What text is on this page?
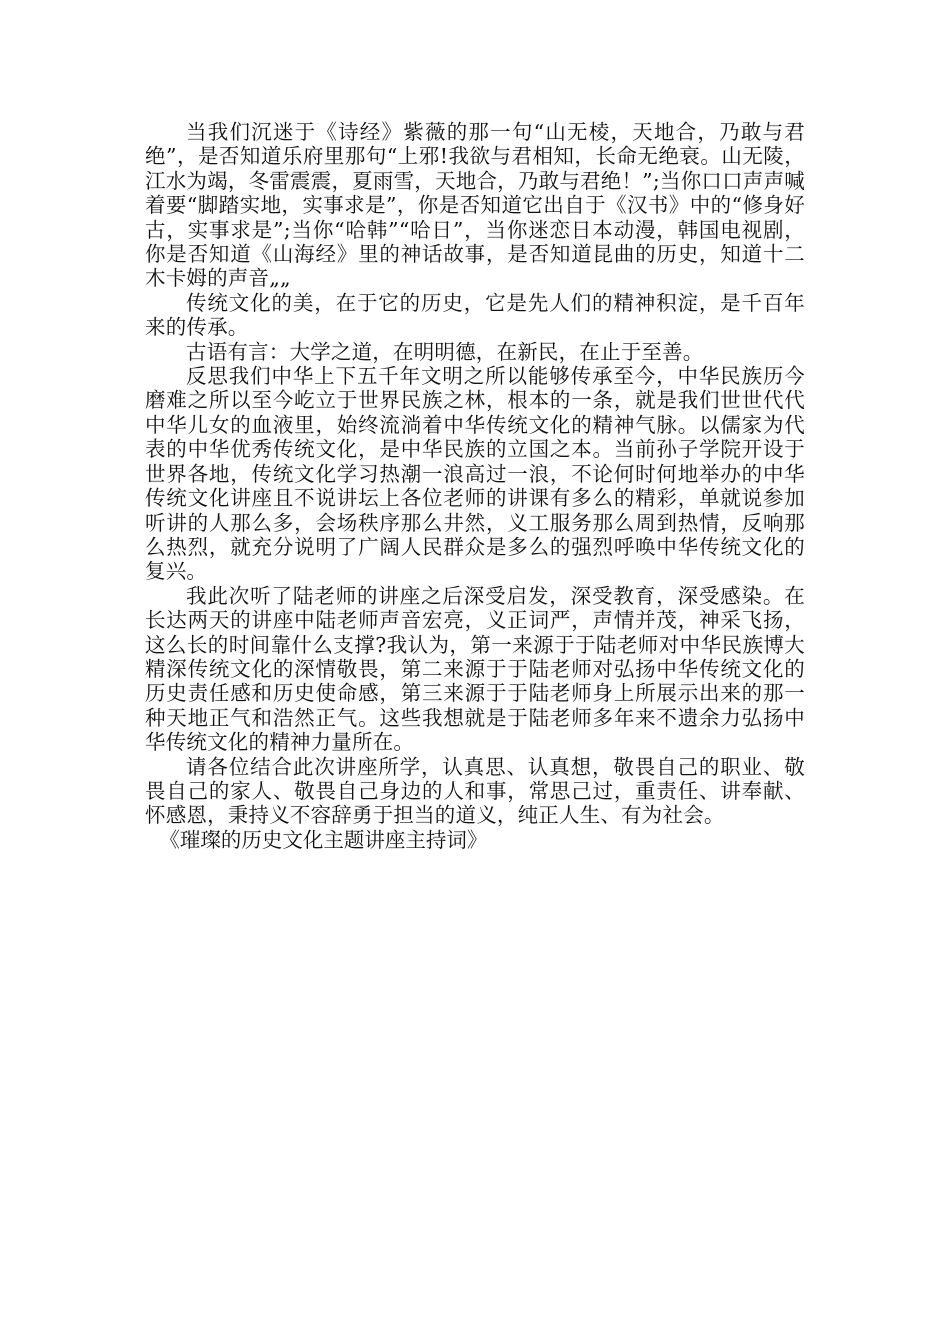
当我们沉迷于《诗经》紫薇的那一句“山无棱，天地合，乃敢与君绝”，是否知道乐府里那句“上邪!我欲与君相知，长命无绝衰。山无陵，江水为竭，冬雷震震，夏雨雪，天地合，乃敢与君绝！”;当你口口声声喊着要“脚踏实地，实事求是”，你是否知道它出自于《汉书》中的“修身好古，实事求是”;当你“哈韩”“哈日”，当你迷恋日本动漫，韩国电视剧，你是否知道《山海经》里的神话故事，是否知道昆曲的历史，知道十二木卡姆的声音„„

传统文化的美，在于它的历史，它是先人们的精神积淀，是千百年来的传承。

古语有言：大学之道，在明明德，在新民，在止于至善。

反思我们中华上下五千年文明之所以能够传承至今，中华民族历今磨难之所以至今屹立于世界民族之林，根本的一条，就是我们世世代代中华儿女的血液里，始终流淌着中华传统文化的精神气脉。以儒家为代表的中华优秀传统文化，是中华民族的立国之本。当前孙子学院开设于世界各地，传统文化学习热潮一浪高过一浪，不论何时何地举办的中华传统文化讲座且不说讲坛上各位老师的讲课有多么的精彩，单就说参加听讲的人那么多，会场秩序那么井然，义工服务那么周到热情，反响那么热烈，就充分说明了广阔人民群众是多么的强烈呼唤中华传统文化的复兴。

我此次听了陆老师的讲座之后深受启发，深受教育，深受感染。在长达两天的讲座中陆老师声音宏亮，义正词严，声情并茂，神采飞扬，这么长的时间靠什么支撑?我认为，第一来源于于陆老师对中华民族博大精深传统文化的深情敬畏，第二来源于于陆老师对弘扬中华传统文化的历史责任感和历史使命感，第三来源于于陆老师身上所展示出来的那一种天地正气和浩然正气。这些我想就是于陆老师多年来不遗余力弘扬中华传统文化的精神力量所在。

请各位结合此次讲座所学，认真思、认真想，敬畏自己的职业、敬畏自己的家人、敬畏自己身边的人和事，常思己过，重责任、讲奉献、怀感恩，秉持义不容辞勇于担当的道义，纯正人生、有为社会。

《璀璨的历史文化主题讲座主持词》
